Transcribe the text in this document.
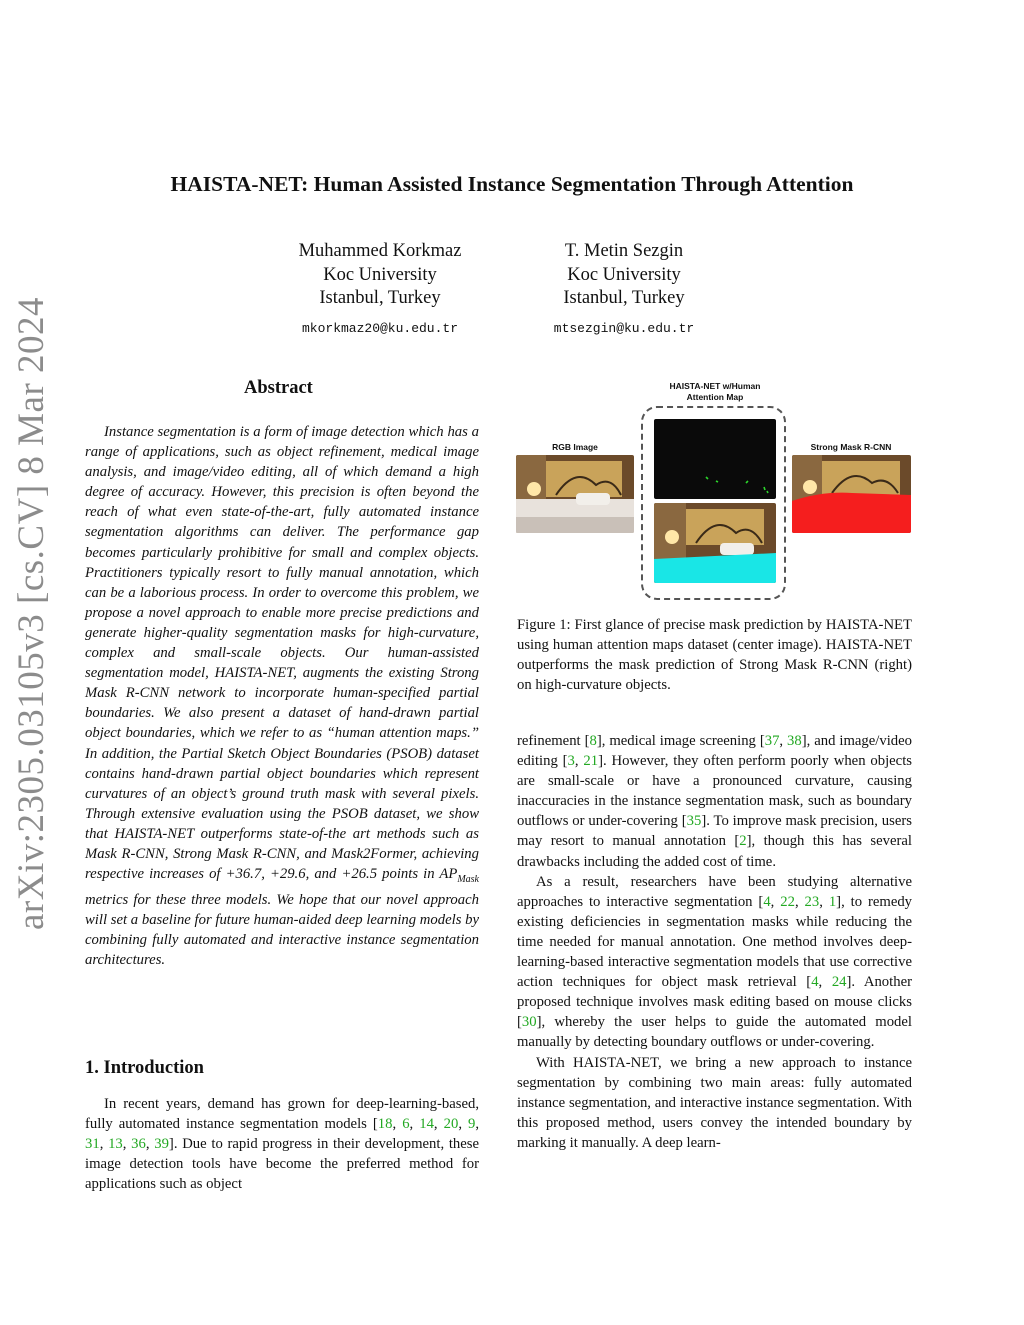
arXiv:2305.03105v3 [cs.CV] 8 Mar 2024
HAISTA-NET: Human Assisted Instance Segmentation Through Attention
Muhammed Korkmaz
Koc University
Istanbul, Turkey
mkorkmaz20@ku.edu.tr
T. Metin Sezgin
Koc University
Istanbul, Turkey
mtsezgin@ku.edu.tr
Abstract

Instance segmentation is a form of image detection which has a range of applications, such as object refinement, medical image analysis, and image/video editing, all of which demand a high degree of accuracy. However, this precision is often beyond the reach of what even state-of-the-art, fully automated instance segmentation algorithms can deliver. The performance gap becomes particularly prohibitive for small and complex objects. Practitioners typically resort to fully manual annotation, which can be a laborious process. In order to overcome this problem, we propose a novel approach to enable more precise predictions and generate higher-quality segmentation masks for high-curvature, complex and small-scale objects. Our human-assisted segmentation model, HAISTA-NET, augments the existing Strong Mask R-CNN network to incorporate human-specified partial boundaries. We also present a dataset of hand-drawn partial object boundaries, which we refer to as “human attention maps.” In addition, the Partial Sketch Object Boundaries (PSOB) dataset contains hand-drawn partial object boundaries which represent curvatures of an object’s ground truth mask with several pixels. Through extensive evaluation using the PSOB dataset, we show that HAISTA-NET outperforms state-of-the art methods such as Mask R-CNN, Strong Mask R-CNN, and Mask2Former, achieving respective increases of +36.7, +29.6, and +26.5 points in $AP_{Mask}$ metrics for these three models. We hope that our novel approach will set a baseline for future human-aided deep learning models by combining fully automated and interactive instance segmentation architectures.

1. Introduction

In recent years, demand has grown for deep-learning-based, fully automated instance segmentation models [18, 6, 14, 20, 9, 31, 13, 36, 39]. Due to rapid progress in their development, these image detection tools have become the preferred method for applications such as object

RGB Image
HAISTA-NET w/Human Attention Map
Strong Mask R-CNN

Figure 1: First glance of precise mask prediction by HAISTA-NET using human attention maps dataset (center image). HAISTA-NET outperforms the mask prediction of Strong Mask R-CNN (right) on high-curvature objects.

refinement [8], medical image screening [37, 38], and image/video editing [3, 21]. However, they often perform poorly when objects are small-scale or have a pronounced curvature, causing inaccuracies in the instance segmentation mask, such as boundary outflows or under-covering [35]. To improve mask precision, users may resort to manual annotation [2], though this has several drawbacks including the added cost of time.

As a result, researchers have been studying alternative approaches to interactive segmentation [4, 22, 23, 1], to remedy existing deficiencies in segmentation masks while reducing the time needed for manual annotation. One method involves deep-learning-based interactive segmentation models that use corrective action techniques for object mask retrieval [4, 24]. Another proposed technique involves mask editing based on mouse clicks [30], whereby the user helps to guide the automated model manually by detecting boundary outflows or under-covering.

With HAISTA-NET, we bring a new approach to instance segmentation by combining two main areas: fully automated instance segmentation, and interactive instance segmentation. With this proposed method, users convey the intended boundary by marking it manually. A deep learn-
